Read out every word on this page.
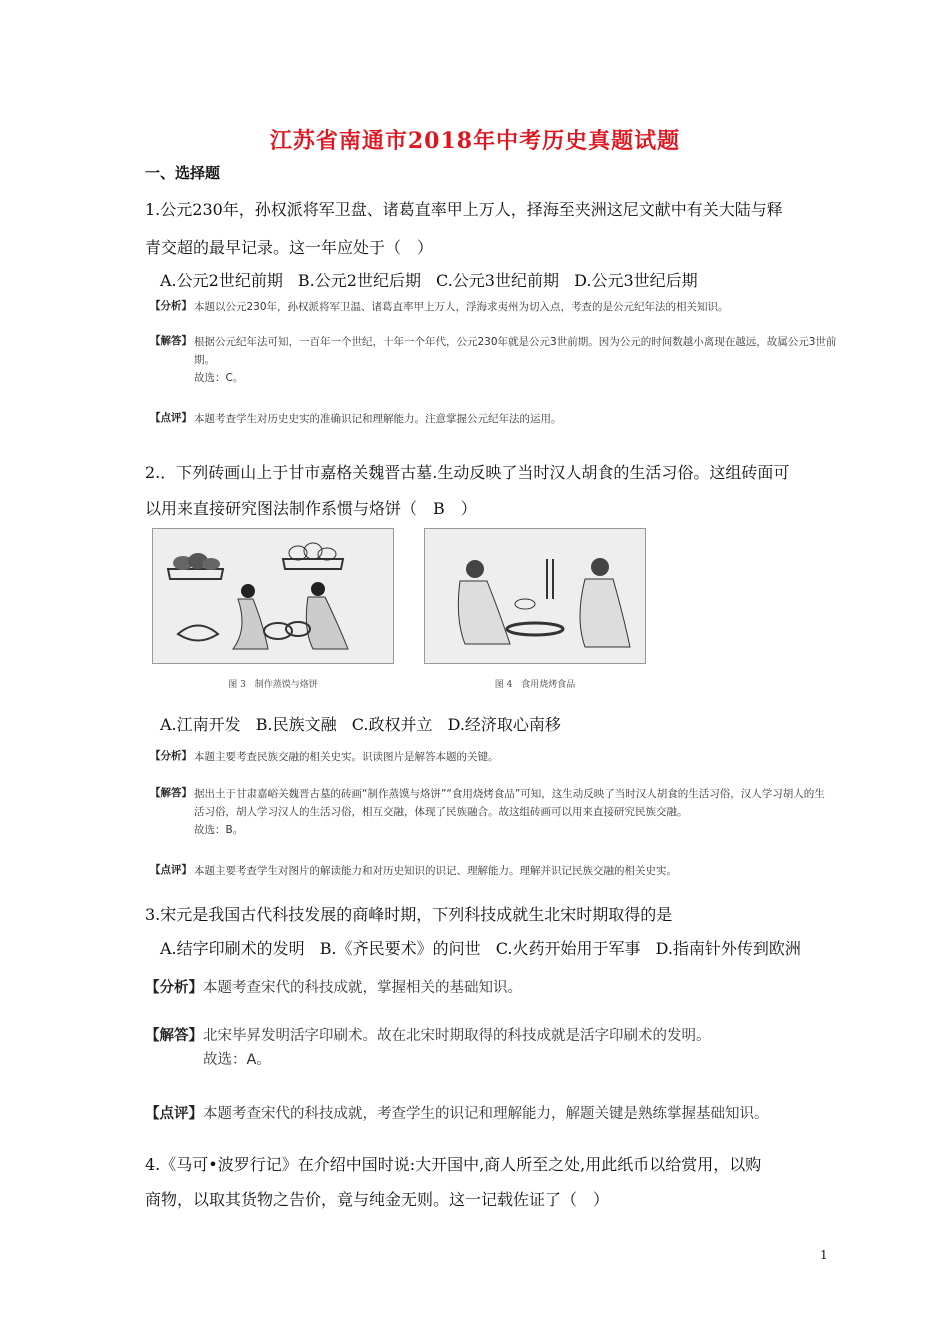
江苏省南通市2018年中考历史真题试题
一、选择题
1.公元230年，孙权派将军卫盘、诸葛直率甲上万人，择海至夹洲这尼文献中有关大陆与释
青交超的最早记录。这一年应处于（　）
A.公元2世纪前期 B.公元2世纪后期 C.公元3世纪前期 D.公元3世纪后期
【分析】 本题以公元230年，孙权派将军卫温、诸葛直率甲上万人，浮海求夷州为切入点，考查的是公元纪年法的相关知识。
【解答】 根据公元纪年法可知，一百年一个世纪，十年一个年代，公元230年就是公元3世前期。因为公元的时间数越小离现在越远，故属公元3世前
期。
故选：C。
【点评】 本题考查学生对历史史实的准确识记和理解能力。注意掌握公元纪年法的运用。
2.．下列砖画山上于甘市嘉格关魏晋古墓.生动反映了当时汉人胡食的生活习俗。这组砖面可
以用来直接研究图法制作系惯与烙饼（　B　）
图 3　制作蒸馍与烙饼	图 4　食用烧烤食品
A.江南开发 B.民族文融 C.政权并立 D.经济取心南移
【分析】 本题主要考查民族交融的相关史实。识读图片是解答本题的关键。
【解答】 据出土于甘肃嘉峪关魏晋古墓的砖画“制作蒸馍与烙饼”“食用烧烤食品”可知，这生动反映了当时汉人胡食的生活习俗，汉人学习胡人的生
活习俗，胡人学习汉人的生活习俗，相互交融，体现了民族融合。故这组砖画可以用来直接研究民族交融。
故选：B。
【点评】 本题主要考查学生对图片的解读能力和对历史知识的识记、理解能力。理解并识记民族交融的相关史实。
3.宋元是我国古代科技发展的商峰时期，下列科技成就生北宋时期取得的是
A.结字印刷术的发明 B.《齐民要术》的问世 C.火药开始用于军事 D.指南针外传到欧洲
【分析】本题考查宋代的科技成就，掌握相关的基础知识。
【解答】北宋毕昇发明活字印刷术。故在北宋时期取得的科技成就是活字印刷术的发明。
故选：A。
【点评】本题考查宋代的科技成就，考查学生的识记和理解能力，解题关键是熟练掌握基础知识。
4.《马可•波罗行记》在介绍中国时说:大开国中,商人所至之处,用此纸币以给赏用，以购
商物，以取其货物之告价，竟与纯金无则。这一记载佐证了（　）
1
